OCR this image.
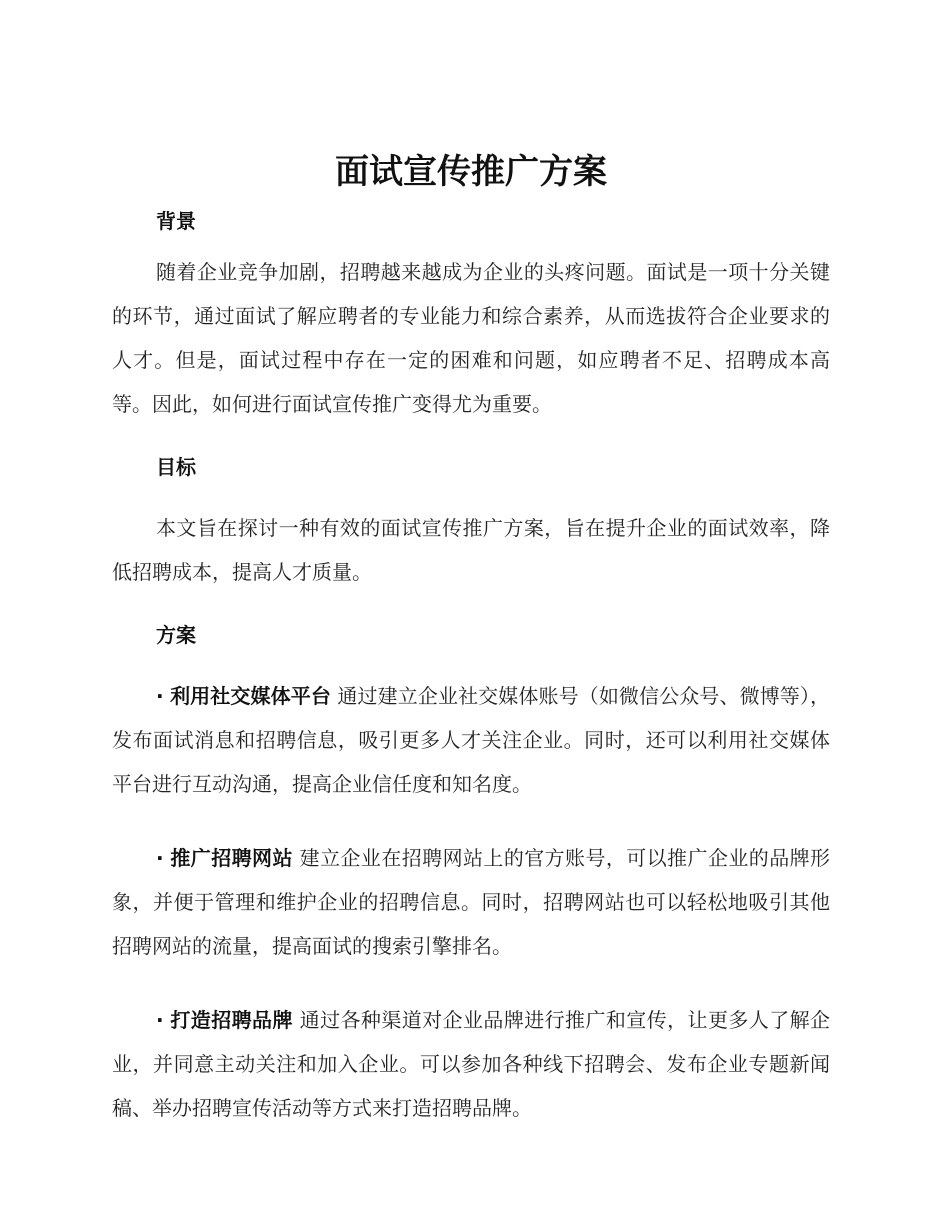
面试宣传推广方案
背景

随着企业竞争加剧，招聘越来越成为企业的头疼问题。面试是一项十分关键的环节，通过面试了解应聘者的专业能力和综合素养，从而选拔符合企业要求的人才。但是，面试过程中存在一定的困难和问题，如应聘者不足、招聘成本高等。因此，如何进行面试宣传推广变得尤为重要。

目标

本文旨在探讨一种有效的面试宣传推广方案，旨在提升企业的面试效率，降低招聘成本，提高人才质量。

方案

· 利用社交媒体平台 通过建立企业社交媒体账号（如微信公众号、微博等），发布面试消息和招聘信息，吸引更多人才关注企业。同时，还可以利用社交媒体平台进行互动沟通，提高企业信任度和知名度。

· 推广招聘网站 建立企业在招聘网站上的官方账号，可以推广企业的品牌形象，并便于管理和维护企业的招聘信息。同时，招聘网站也可以轻松地吸引其他招聘网站的流量，提高面试的搜索引擎排名。

· 打造招聘品牌 通过各种渠道对企业品牌进行推广和宣传，让更多人了解企业，并同意主动关注和加入企业。可以参加各种线下招聘会、发布企业专题新闻稿、举办招聘宣传活动等方式来打造招聘品牌。
